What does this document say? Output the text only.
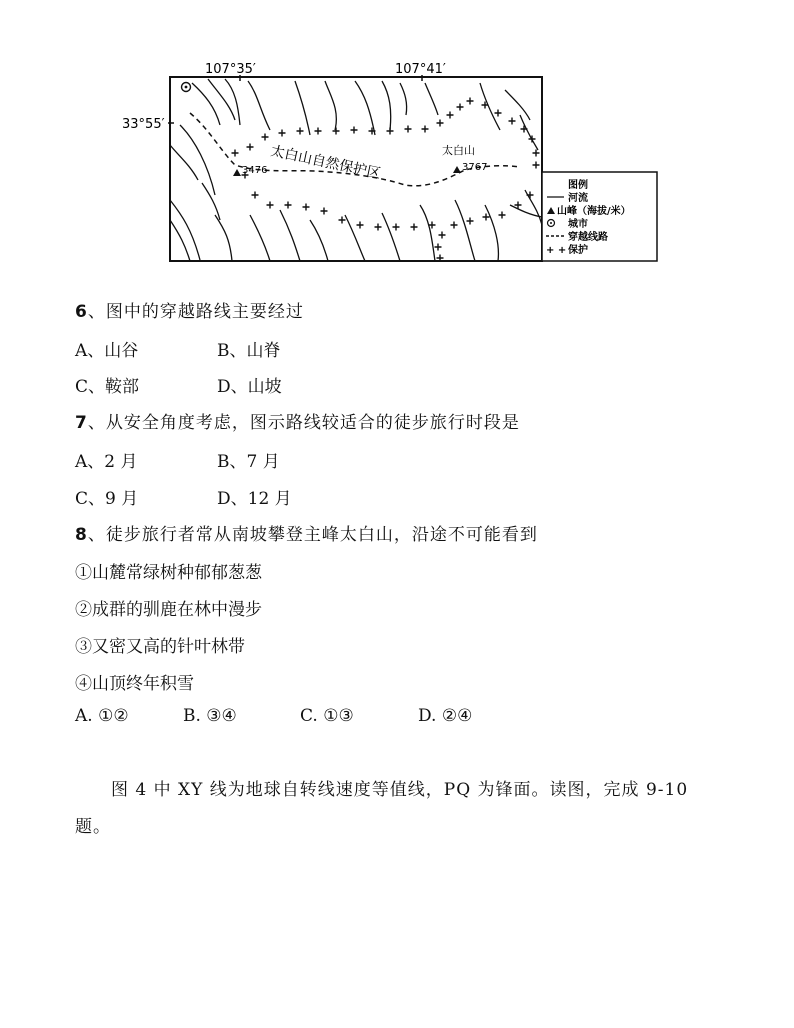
107°35′	107°41′
33°55′
3476
太白山
3767
太白山自然保护区
图例
河流
山峰（海拔/米）
城市
穿越线路
+ + 保护
6、图中的穿越路线主要经过
A、山谷	B、山脊
C、鞍部	D、山坡
7、从安全角度考虑，图示路线较适合的徒步旅行时段是
A、2 月	B、7 月
C、9 月	D、12 月
8、徒步旅行者常从南坡攀登主峰太白山，沿途不可能看到
①山麓常绿树种郁郁葱葱
②成群的驯鹿在林中漫步
③又密又高的针叶林带
④山顶终年积雪
A. ①②	B. ③④	C. ①③	D. ②④
图 4 中 XY 线为地球自转线速度等值线，PQ 为锋面。读图，完成 9-10 题。
